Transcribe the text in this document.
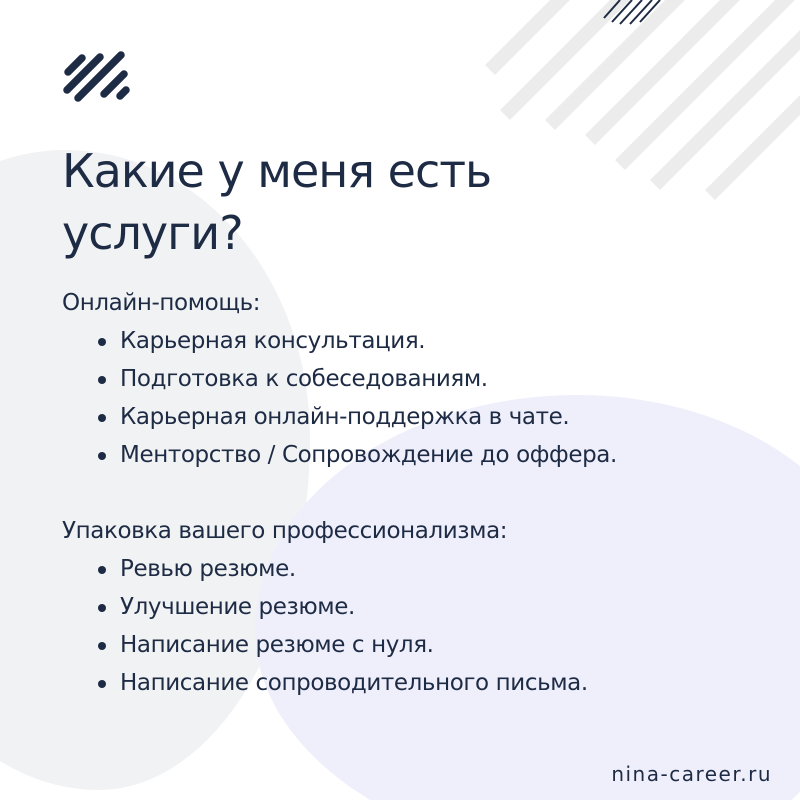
Какие у меня есть
услуги?

Онлайн-помощь:

Карьерная консультация.
Подготовка к собеседованиям.
Карьерная онлайн-поддержка в чате.
Менторство / Сопровождение до оффера.

Упаковка вашего профессионализма:

Ревью резюме.
Улучшение резюме.
Написание резюме с нуля.
Написание сопроводительного письма.
nina-career.ru
